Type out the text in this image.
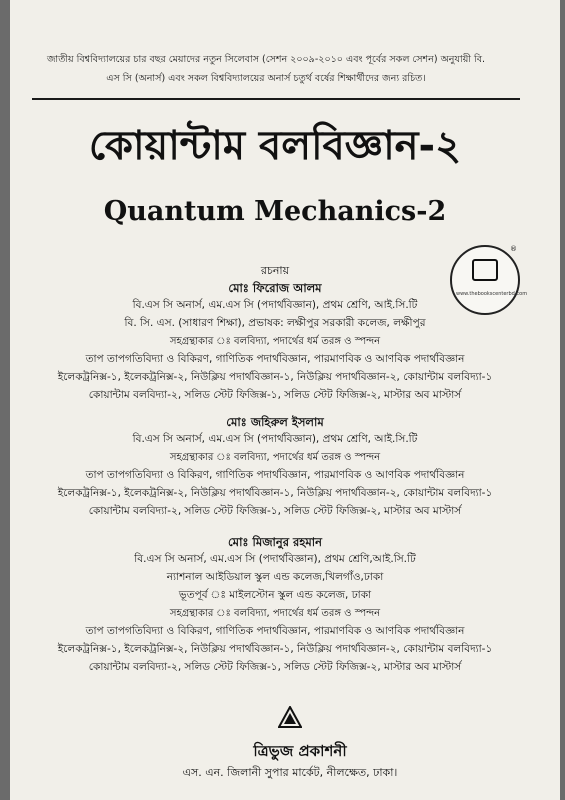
জাতীয় বিশ্ববিদ্যালয়ের চার বছর মেয়াদের নতুন সিলেবাস (সেশন ২০০৯-২০১০ এবং পূর্বের সকল সেশন) অনুযায়ী বি.
এস সি (অনার্স) এবং সকল বিশ্ববিদ্যালয়ের অনার্স চতুর্থ বর্ষের শিক্ষার্থীদের জন্য রচিত।
কোয়ান্টাম বলবিজ্ঞান-২
Quantum Mechanics-2
®
www.thebookscenterbd.com
রচনায়
মোঃ ফিরোজ আলম
বি.এস সি অনার্স, এম.এস সি (পদার্থবিজ্ঞান), প্রথম শ্রেণি, আই.সি.টি
বি. সি. এস. (সাধারণ শিক্ষা), প্রভাষক: লক্ষীপুর সরকারী কলেজ, লক্ষীপুর
সহগ্রন্থাকার ঃ বলবিদ্যা, পদার্থের ধর্ম তরঙ্গ ও স্পন্দন
তাপ তাপগতিবিদ্যা ও বিকিরণ, গাণিতিক পদার্থবিজ্ঞান, পারমাণবিক ও আণবিক পদার্থবিজ্ঞান
ইলেকট্রনিক্স-১, ইলেকট্রনিক্স-২, নিউক্লিয় পদার্থবিজ্ঞান-১, নিউক্লিয় পদার্থবিজ্ঞান-২, কোয়ান্টাম বলবিদ্যা-১
কোয়ান্টাম বলবিদ্যা-২, সলিড স্টেট ফিজিক্স-১, সলিড স্টেট ফিজিক্স-২, মাস্টার অব মাস্টার্স
মোঃ জহিরুল ইসলাম
বি.এস সি অনার্স, এম.এস সি (পদার্থবিজ্ঞান), প্রথম শ্রেণি, আই.সি.টি
সহগ্রন্থাকার ঃ বলবিদ্যা, পদার্থের ধর্ম তরঙ্গ ও স্পন্দন
তাপ তাপগতিবিদ্যা ও বিকিরণ, গাণিতিক পদার্থবিজ্ঞান, পারমাণবিক ও আণবিক পদার্থবিজ্ঞান
ইলেকট্রনিক্স-১, ইলেকট্রনিক্স-২, নিউক্লিয় পদার্থবিজ্ঞান-১, নিউক্লিয় পদার্থবিজ্ঞান-২, কোয়ান্টাম বলবিদ্যা-১
কোয়ান্টাম বলবিদ্যা-২, সলিড স্টেট ফিজিক্স-১, সলিড স্টেট ফিজিক্স-২, মাস্টার অব মাস্টার্স
মোঃ মিজানুর রহমান
বি.এস সি অনার্স, এম.এস সি (পদার্থবিজ্ঞান), প্রথম শ্রেণি,আই.সি.টি
ন্যাশনাল আইডিয়াল স্কুল এন্ড কলেজ,খিলগাঁও,ঢাকা
ভূতপূর্ব ঃ মাইলস্টোন স্কুল এন্ড কলেজ, ঢাকা
সহগ্রন্থাকার ঃ বলবিদ্যা, পদার্থের ধর্ম তরঙ্গ ও স্পন্দন
তাপ তাপগতিবিদ্যা ও বিকিরণ, গাণিতিক পদার্থবিজ্ঞান, পারমাণবিক ও আণবিক পদার্থবিজ্ঞান
ইলেকট্রনিক্স-১, ইলেকট্রনিক্স-২, নিউক্লিয় পদার্থবিজ্ঞান-১, নিউক্লিয় পদার্থবিজ্ঞান-২, কোয়ান্টাম বলবিদ্যা-১
কোয়ান্টাম বলবিদ্যা-২, সলিড স্টেট ফিজিক্স-১, সলিড স্টেট ফিজিক্স-২, মাস্টার অব মাস্টার্স
ত্রিভুজ প্রকাশনী
এস. এন. জিলানী সুপার মার্কেট, নীলক্ষেত, ঢাকা।
